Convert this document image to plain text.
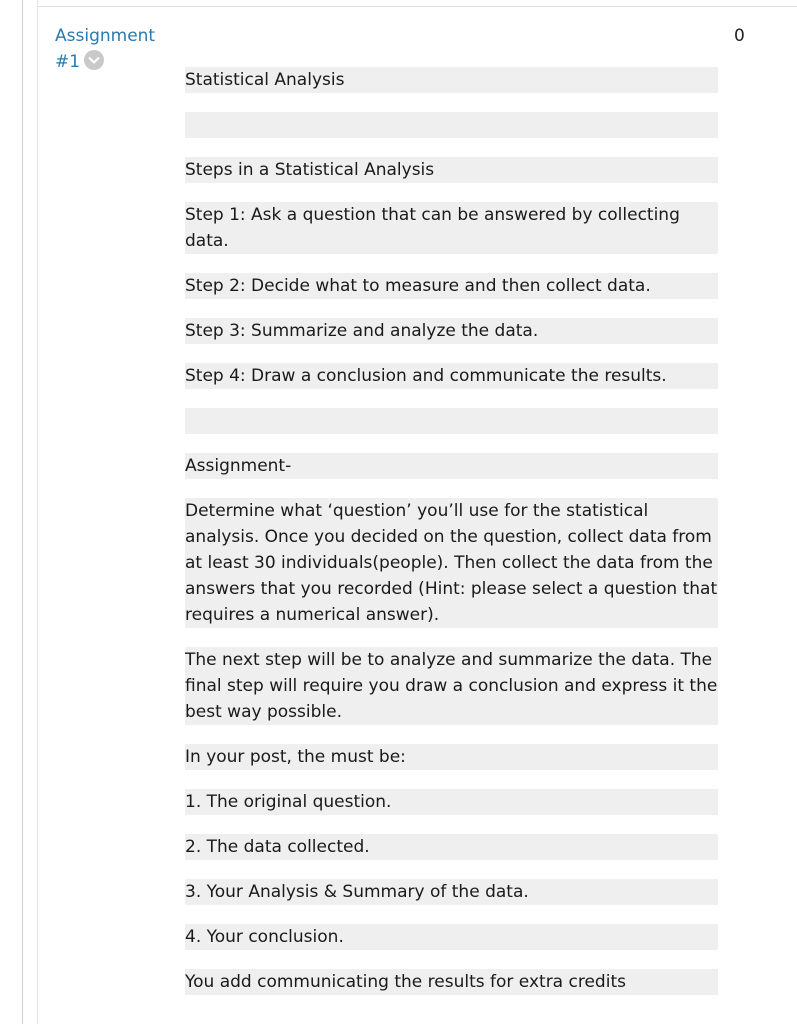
Assignment
#1
0

Statistical Analysis

Steps in a Statistical Analysis

Step 1: Ask a question that can be answered by collecting data.

Step 2: Decide what to measure and then collect data.

Step 3: Summarize and analyze the data.

Step 4: Draw a conclusion and communicate the results.

Assignment-

Determine what ‘question’ you’ll use for the statistical analysis. Once you decided on the question, collect data from at least 30 individuals(people). Then collect the data from the answers that you recorded (Hint: please select a question that requires a numerical answer).

The next step will be to analyze and summarize the data. The final step will require you draw a conclusion and express it the best way possible.

In your post, the must be:

1. The original question.

2. The data collected.

3. Your Analysis & Summary of the data.

4. Your conclusion.

You add communicating the results for extra credits
